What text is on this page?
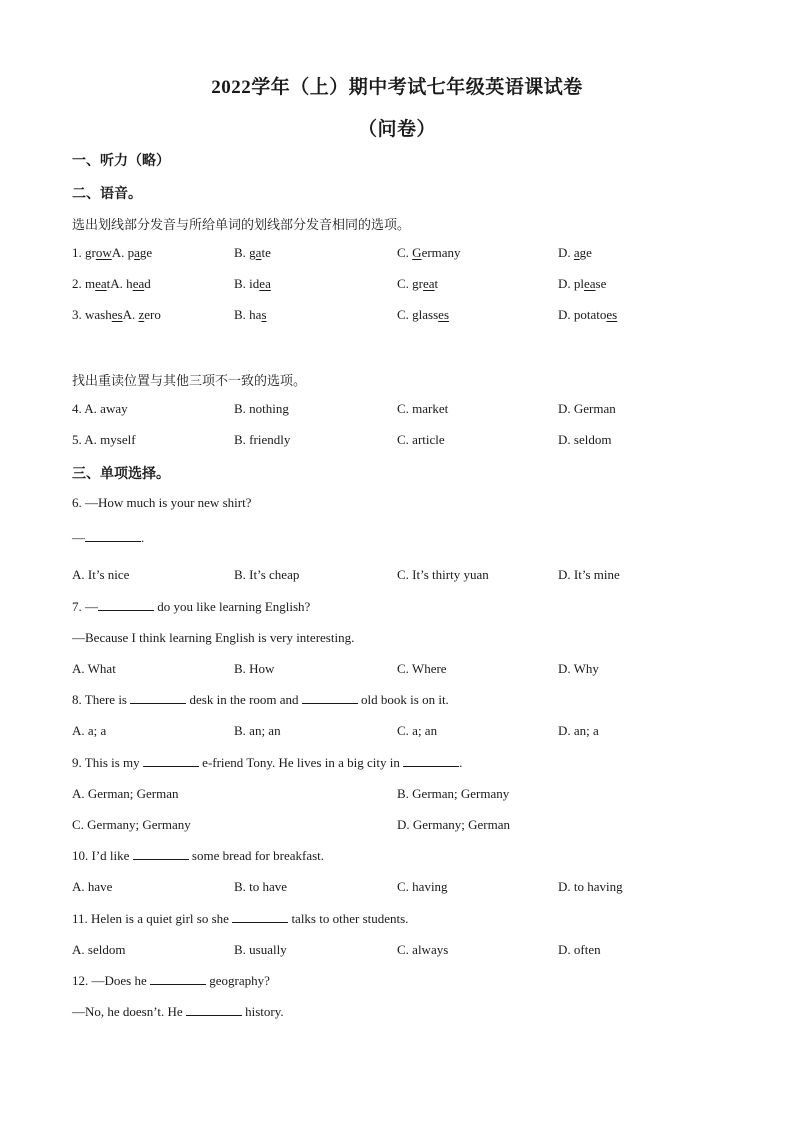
2022学年（上）期中考试七年级英语课试卷
（问卷）
一、听力（略）
二、语音。
选出划线部分发音与所给单词的划线部分发音相同的选项。
1. growA. page	B. gate	C. Germany	D. age
2. meatA. head	B. idea	C. great	D. please
3. washesA. zero	B. has	C. glasses	D. potatoes
找出重读位置与其他三项不一致的选项。
4. A. away	B. nothing	C. market	D. German
5. A. myself	B. friendly	C. article	D. seldom
三、单项选择。
6. —How much is your new shirt?
—	.
A. It’s nice	B. It’s cheap	C. It’s thirty yuan	D. It’s mine
7. —	do you like learning English?
—Because I think learning English is very interesting.
A. What	B. How	C. Where	D. Why
8. There is	desk in the room and	old book is on it.
A. a; a	B. an; an	C. a; an	D. an; a
9. This is my	e-friend Tony. He lives in a big city in	.
A. German; German	B. German; Germany
C. Germany; Germany	D. Germany; German
10. I’d like	some bread for breakfast.
A. have	B. to have	C. having	D. to having
11. Helen is a quiet girl so she	talks to other students.
A. seldom	B. usually	C. always	D. often
12. —Does he	geography?
—No, he doesn’t. He	history.
